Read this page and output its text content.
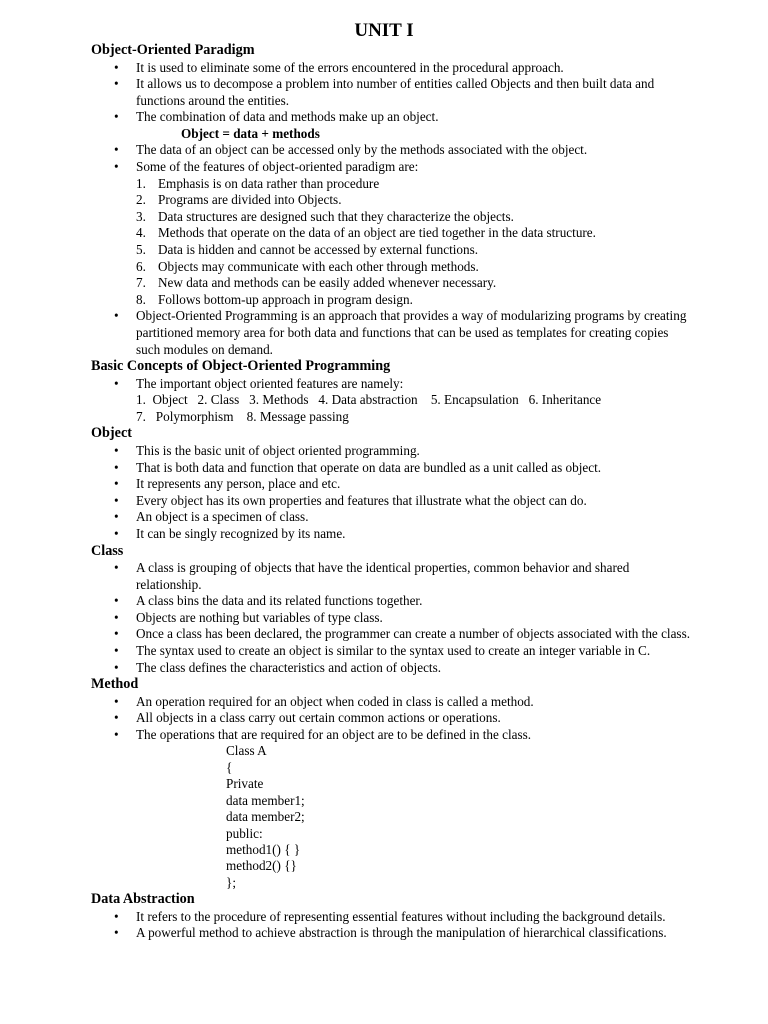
UNIT I
Object-Oriented Paradigm
• It is used to eliminate some of the errors encountered in the procedural approach.
• It allows us to decompose a problem into number of entities called Objects and then built data and functions around the entities.
• The combination of data and methods make up an object.
Object = data + methods
• The data of an object can be accessed only by the methods associated with the object.
• Some of the features of object-oriented paradigm are:
1. Emphasis is on data rather than procedure
2. Programs are divided into Objects.
3. Data structures are designed such that they characterize the objects.
4. Methods that operate on the data of an object are tied together in the data structure.
5. Data is hidden and cannot be accessed by external functions.
6. Objects may communicate with each other through methods.
7. New data and methods can be easily added whenever necessary.
8. Follows bottom-up approach in program design.
• Object-Oriented Programming is an approach that provides a way of modularizing programs by creating partitioned memory area for both data and functions that can be used as templates for creating copies such modules on demand.
Basic Concepts of Object-Oriented Programming
• The important object oriented features are namely:
1.  Object   2. Class   3. Methods   4. Data abstraction    5. Encapsulation   6. Inheritance
7.   Polymorphism    8. Message passing
Object
• This is the basic unit of object oriented programming.
• That is both data and function that operate on data are bundled as a unit called as object.
• It represents any person, place and etc.
• Every object has its own properties and features that illustrate what the object can do.
• An object is a specimen of class.
• It can be singly recognized by its name.
Class
• A class is grouping of objects that have the identical properties, common behavior and shared relationship.
• A class bins the data and its related functions together.
• Objects are nothing but variables of type class.
• Once a class has been declared, the programmer can create a number of objects associated with the class.
• The syntax used to create an object is similar to the syntax used to create an integer variable in C.
• The class defines the characteristics and action of objects.
Method
• An operation required for an object when coded in class is called a method.
• All objects in a class carry out certain common actions or operations.
• The operations that are required for an object are to be defined in the class.
Class A
{
Private
data member1;
data member2;
public:
method1() { }
method2() {}
};
Data Abstraction
• It refers to the procedure of representing essential features without including the background details.
• A powerful method to achieve abstraction is through the manipulation of hierarchical classifications.
